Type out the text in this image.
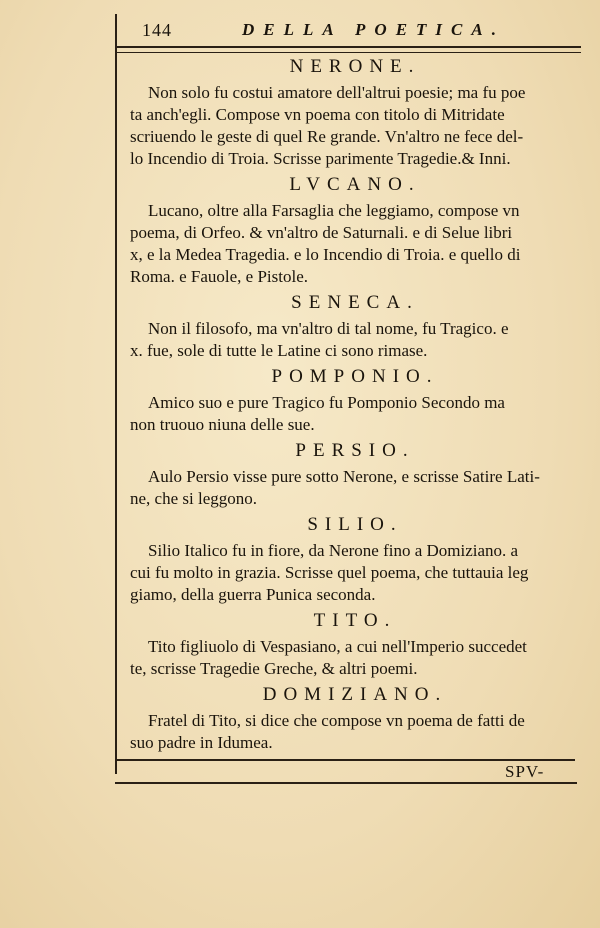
144	DELLA POETICA.
NERONE.

Non solo fu costui amatore dell'altrui poesie; ma fu poe

ta anch'egli. Compose vn poema con titolo di Mitridate

scriuendo le geste di quel Re grande. Vn'altro ne fece del-

lo Incendio di Troia. Scrisse parimente Tragedie.& Inni.

LVCANO.

Lucano, oltre alla Farsaglia che leggiamo, compose vn

poema, di Orfeo. & vn'altro de Saturnali. e di Selue libri

x, e la Medea Tragedia. e lo Incendio di Troia. e quello di

Roma. e Fauole, e Pistole.

SENECA.

Non il filosofo, ma vn'altro di tal nome, fu Tragico. e

x. fue, sole di tutte le Latine ci sono rimase.

POMPONIO.

Amico suo e pure Tragico fu Pomponio Secondo ma

non truouo niuna delle sue.

PERSIO.

Aulo Persio visse pure sotto Nerone, e scrisse Satire Lati-

ne, che si leggono.

SILIO.

Silio Italico fu in fiore, da Nerone fino a Domiziano. a

cui fu molto in grazia. Scrisse quel poema, che tuttauia leg

giamo, della guerra Punica seconda.

TITO.

Tito figliuolo di Vespasiano, a cui nell'Imperio succedet

te, scrisse Tragedie Greche, & altri poemi.

DOMIZIANO.

Fratel di Tito, si dice che compose vn poema de fatti de

suo padre in Idumea.

SPV-
